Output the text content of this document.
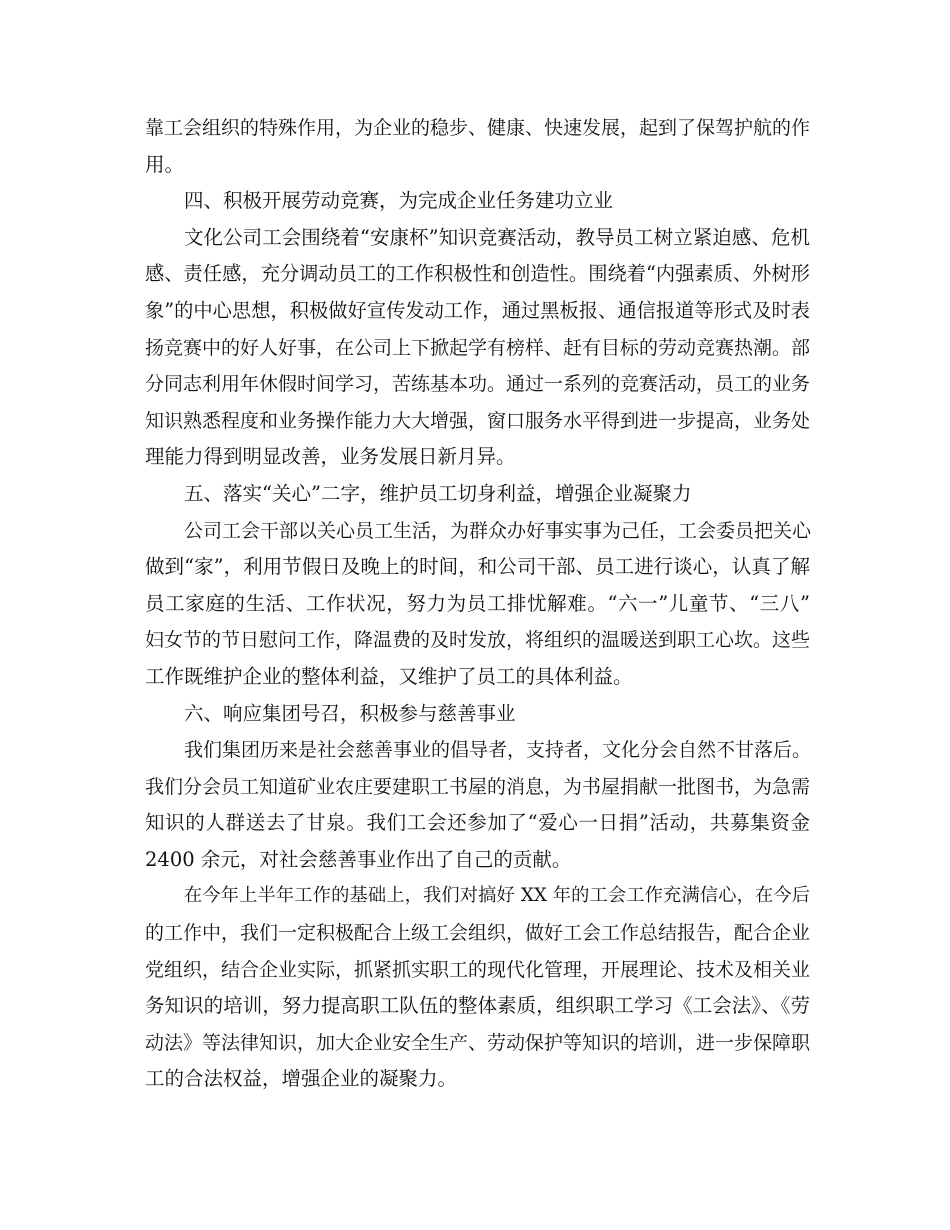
靠工会组织的特殊作用，为企业的稳步、健康、快速发展，起到了保驾护航的作
用。
四、积极开展劳动竞赛，为完成企业任务建功立业
文化公司工会围绕着“安康杯”知识竞赛活动，教导员工树立紧迫感、危机
感、责任感，充分调动员工的工作积极性和创造性。围绕着“内强素质、外树形
象”的中心思想，积极做好宣传发动工作，通过黑板报、通信报道等形式及时表
扬竞赛中的好人好事，在公司上下掀起学有榜样、赶有目标的劳动竞赛热潮。部
分同志利用年休假时间学习，苦练基本功。通过一系列的竞赛活动，员工的业务
知识熟悉程度和业务操作能力大大增强，窗口服务水平得到进一步提高，业务处
理能力得到明显改善，业务发展日新月异。
五、落实“关心”二字，维护员工切身利益，增强企业凝聚力
公司工会干部以关心员工生活，为群众办好事实事为己任，工会委员把关心
做到“家”，利用节假日及晚上的时间，和公司干部、员工进行谈心，认真了解
员工家庭的生活、工作状况，努力为员工排忧解难。“六一”儿童节、“三八”
妇女节的节日慰问工作，降温费的及时发放，将组织的温暖送到职工心坎。这些
工作既维护企业的整体利益，又维护了员工的具体利益。
六、响应集团号召，积极参与慈善事业
我们集团历来是社会慈善事业的倡导者，支持者，文化分会自然不甘落后。
我们分会员工知道矿业农庄要建职工书屋的消息，为书屋捐献一批图书，为急需
知识的人群送去了甘泉。我们工会还参加了“爱心一日捐”活动，共募集资金
2400 余元，对社会慈善事业作出了自己的贡献。
在今年上半年工作的基础上，我们对搞好 XX 年的工会工作充满信心，在今后
的工作中，我们一定积极配合上级工会组织，做好工会工作总结报告，配合企业
党组织，结合企业实际，抓紧抓实职工的现代化管理，开展理论、技术及相关业
务知识的培训，努力提高职工队伍的整体素质，组织职工学习《工会法》、《劳
动法》等法律知识，加大企业安全生产、劳动保护等知识的培训，进一步保障职
工的合法权益，增强企业的凝聚力。
